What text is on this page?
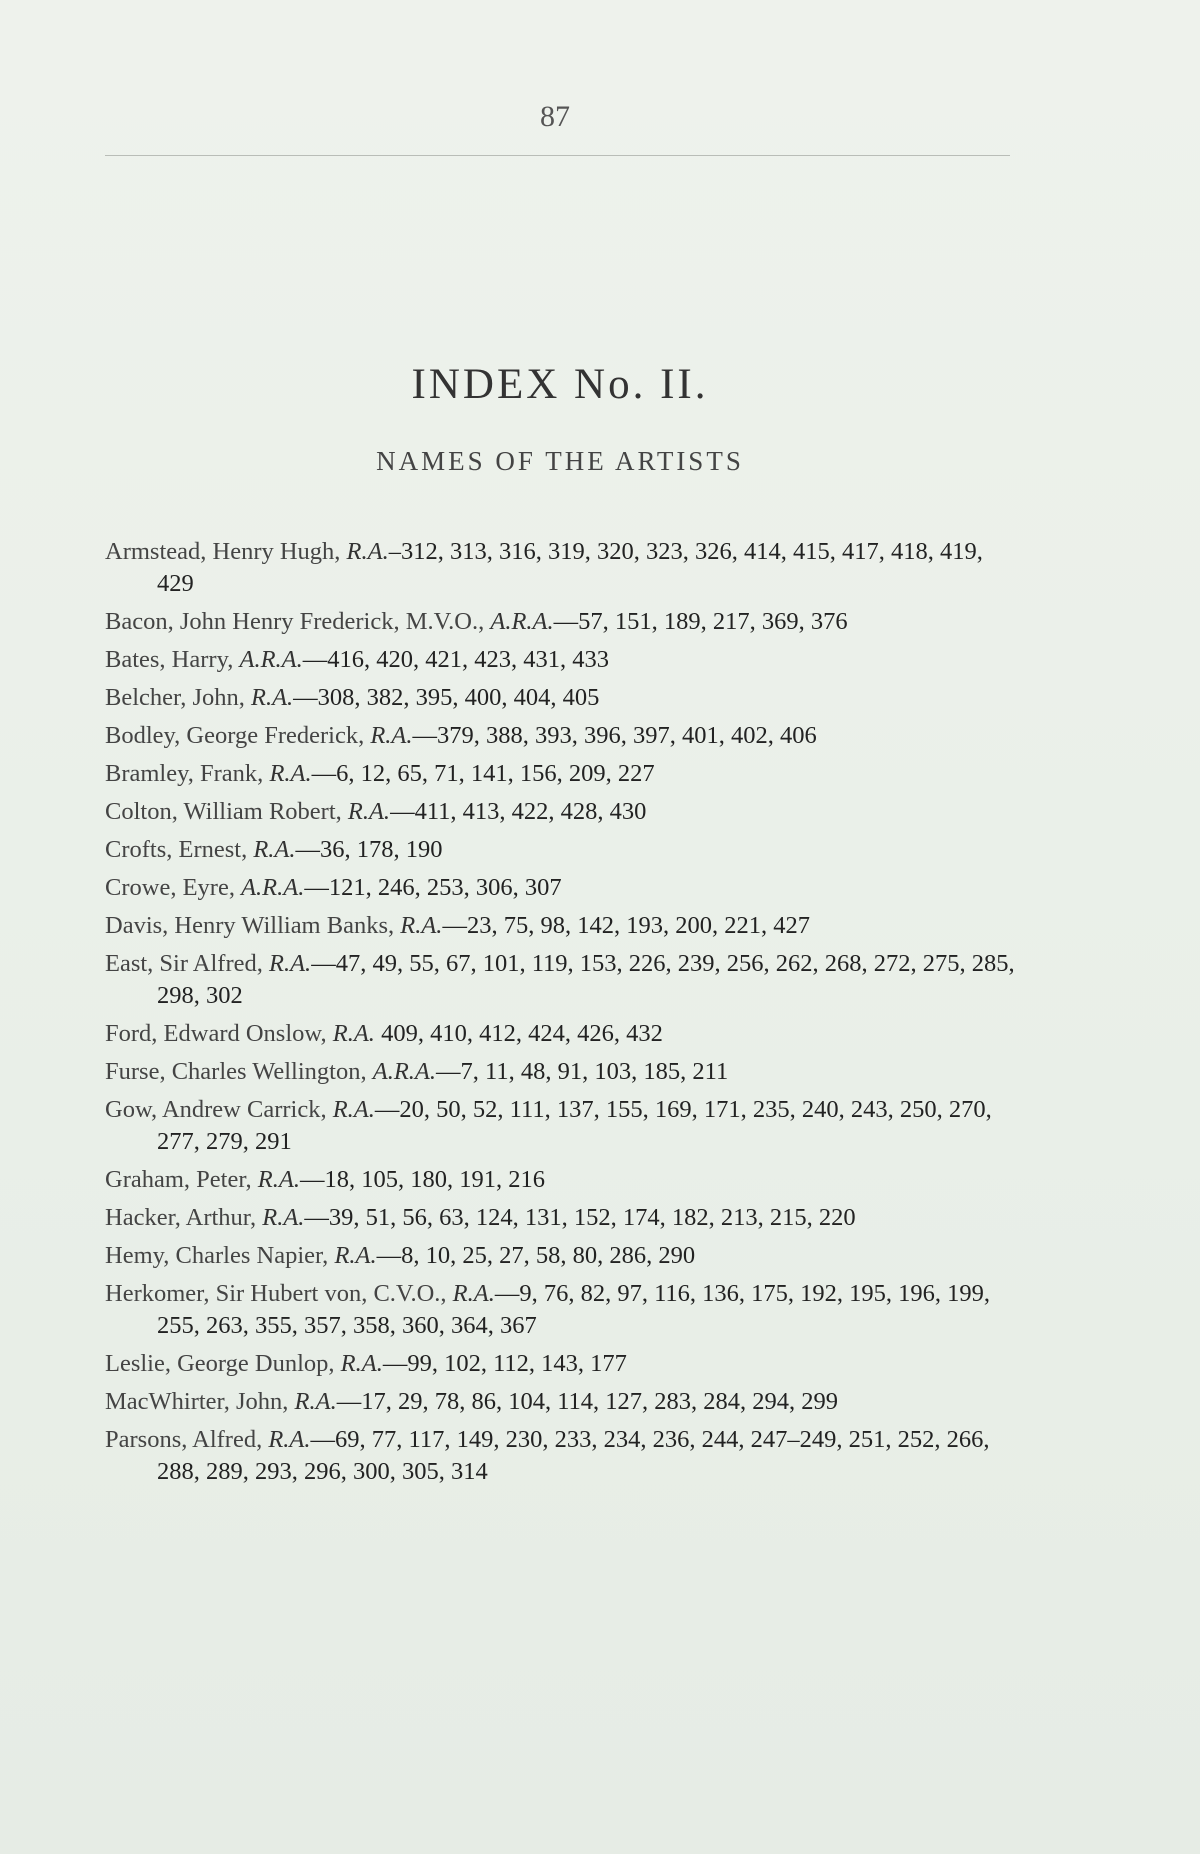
87
INDEX No. II.
NAMES OF THE ARTISTS
Armstead, Henry Hugh, R.A.–312, 313, 316, 319, 320, 323, 326, 414, 415, 417, 418, 419, 429
Bacon, John Henry Frederick, M.V.O., A.R.A.—57, 151, 189, 217, 369, 376
Bates, Harry, A.R.A.—416, 420, 421, 423, 431, 433
Belcher, John, R.A.—308, 382, 395, 400, 404, 405
Bodley, George Frederick, R.A.—379, 388, 393, 396, 397, 401, 402, 406
Bramley, Frank, R.A.—6, 12, 65, 71, 141, 156, 209, 227
Colton, William Robert, R.A.—411, 413, 422, 428, 430
Crofts, Ernest, R.A.—36, 178, 190
Crowe, Eyre, A.R.A.—121, 246, 253, 306, 307
Davis, Henry William Banks, R.A.—23, 75, 98, 142, 193, 200, 221, 427
East, Sir Alfred, R.A.—47, 49, 55, 67, 101, 119, 153, 226, 239, 256, 262, 268, 272, 275, 285, 298, 302
Ford, Edward Onslow, R.A. 409, 410, 412, 424, 426, 432
Furse, Charles Wellington, A.R.A.—7, 11, 48, 91, 103, 185, 211
Gow, Andrew Carrick, R.A.—20, 50, 52, 111, 137, 155, 169, 171, 235, 240, 243, 250, 270, 277, 279, 291
Graham, Peter, R.A.—18, 105, 180, 191, 216
Hacker, Arthur, R.A.—39, 51, 56, 63, 124, 131, 152, 174, 182, 213, 215, 220
Hemy, Charles Napier, R.A.—8, 10, 25, 27, 58, 80, 286, 290
Herkomer, Sir Hubert von, C.V.O., R.A.—9, 76, 82, 97, 116, 136, 175, 192, 195, 196, 199, 255, 263, 355, 357, 358, 360, 364, 367
Leslie, George Dunlop, R.A.—99, 102, 112, 143, 177
MacWhirter, John, R.A.—17, 29, 78, 86, 104, 114, 127, 283, 284, 294, 299
Parsons, Alfred, R.A.—69, 77, 117, 149, 230, 233, 234, 236, 244, 247–249, 251, 252, 266, 288, 289, 293, 296, 300, 305, 314
